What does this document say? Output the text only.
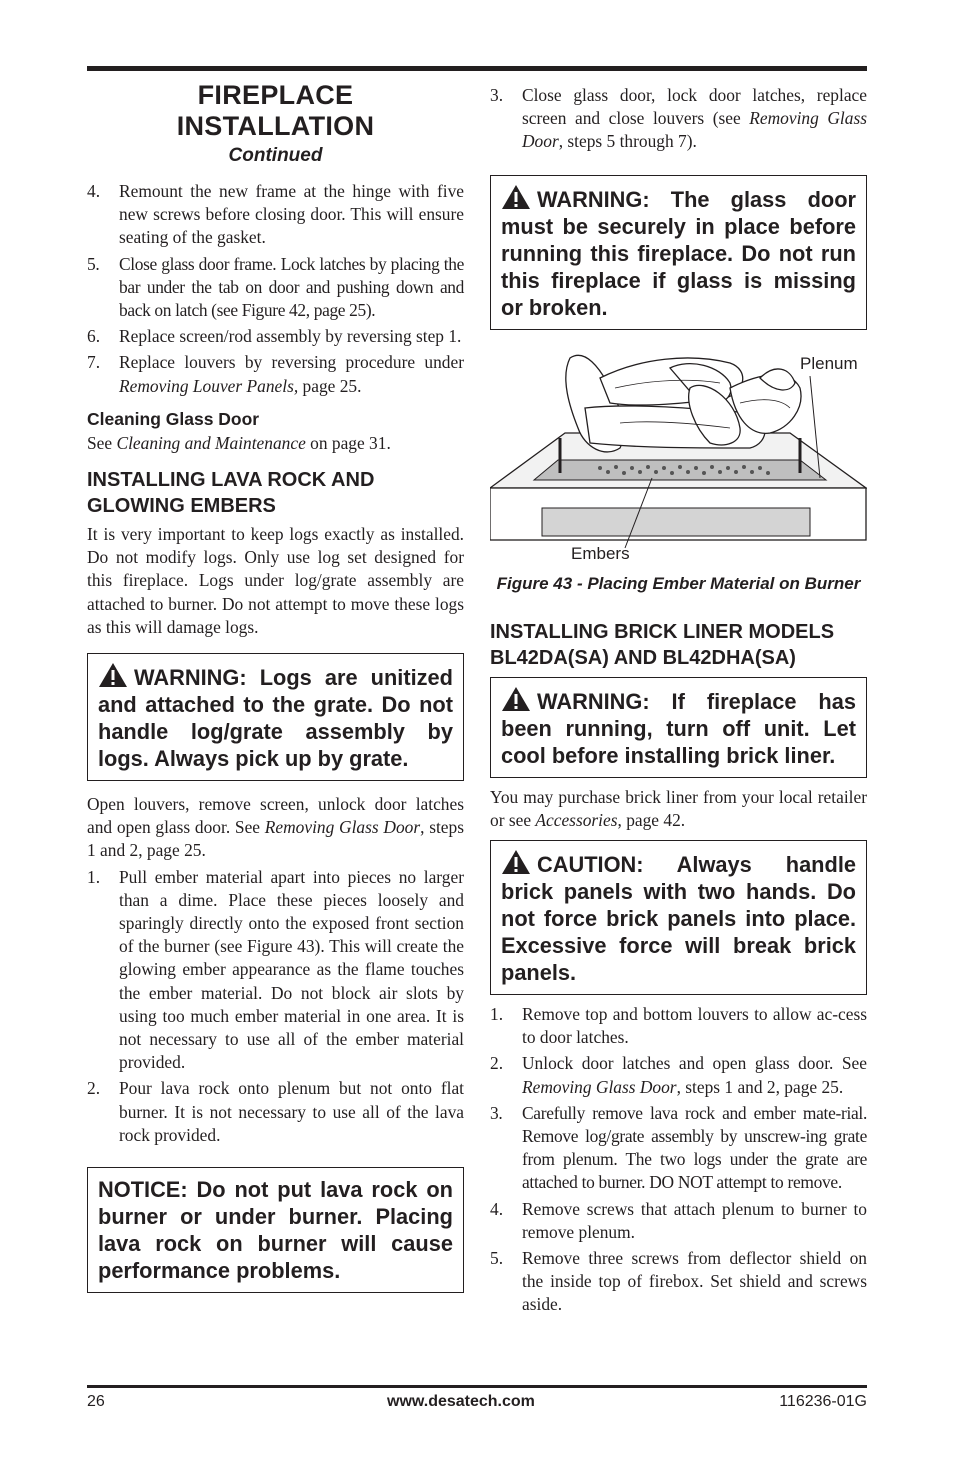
FIREPLACE
INSTALLATION
Continued
4. Remount the new frame at the hinge with five new screws before closing door. This will ensure seating of the gasket.
5. Close glass door frame. Lock latches by placing the bar under the tab on door and pushing down and back on latch (see Figure 42, page 25).
6. Replace screen/rod assembly by reversing step 1.
7. Replace louvers by reversing procedure under Removing Louver Panels, page 25.
Cleaning Glass Door

See Cleaning and Maintenance on page 31.

INSTALLING LAVA ROCK AND
GLOWING EMBERS

It is very important to keep logs exactly as installed. Do not modify logs. Only use log set designed for this fireplace. Logs under log/grate assembly are attached to burner. Do not attempt to move these logs as this will damage logs.

WARNING: Logs are unitized and attached to the grate. Do not handle log/grate assembly by logs. Always pick up by grate.

Open louvers, remove screen, unlock door latches and open glass door. See Removing Glass Door, steps 1 and 2, page 25.

1. Pull ember material apart into pieces no larger than a dime. Place these pieces loosely and sparingly directly onto the exposed front section of the burner (see Figure 43). This will create the glowing ember appearance as the flame touches the ember material. Do not block air slots by using too much ember material in one area. It is not necessary to use all of the ember material provided.
2. Pour lava rock onto plenum but not onto flat burner. It is not necessary to use all of the lava rock provided.
NOTICE: Do not put lava rock on burner or under burner. Placing lava rock on burner will cause performance problems.
3. Close glass door, lock door latches, replace screen and close louvers (see Removing Glass Door, steps 5 through 7).
WARNING: The glass door must be securely in place before running this fireplace. Do not run this fireplace if glass is missing or broken.
Plenum
Embers
Figure 43 - Placing Ember Material on Burner
INSTALLING BRICK LINER MODELS
BL42DA(SA) AND BL42DHA(SA)
WARNING: If fireplace has been running, turn off unit. Let cool before installing brick liner.

You may purchase brick liner from your local retailer or see Accessories, page 42.

CAUTION: Always handle brick panels with two hands. Do not force brick panels into place. Excessive force will break brick panels.
1. Remove top and bottom louvers to allow ac-cess to door latches.
2. Unlock door latches and open glass door. See Removing Glass Door, steps 1 and 2, page 25.
3. Carefully remove lava rock and ember mate-rial. Remove log/grate assembly by unscrew-ing grate from plenum. The two logs under the grate are attached to burner. DO NOT attempt to remove.
4. Remove screws that attach plenum to burner to remove plenum.
5. Remove three screws from deflector shield on the inside top of firebox. Set shield and screws aside.
26	www.desatech.com	116236-01G
